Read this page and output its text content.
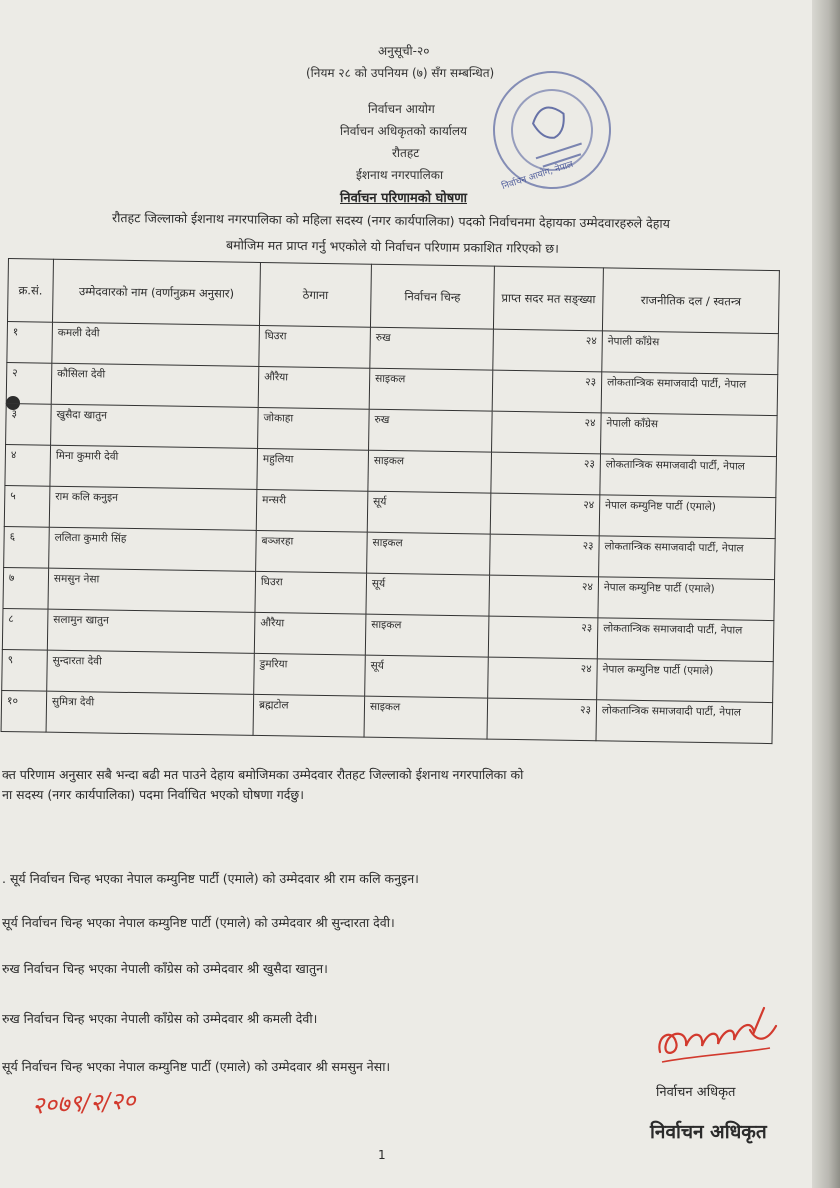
अनुसूची-२०
(नियम २८ को उपनियम (७) सँग सम्बन्धित)
निर्वाचन आयोग
निर्वाचन अधिकृतको कार्यालय
रौतहट
ईशनाथ नगरपालिका
निर्वाचन परिणामको घोषणा
रौतहट जिल्लाको ईशनाथ नगरपालिका को महिला सदस्य (नगर कार्यपालिका) पदको निर्वाचनमा देहायका उम्मेदवारहरुले देहाय
बमोजिम मत प्राप्त गर्नु भएकोले यो निर्वाचन परिणाम प्रकाशित गरिएको छ।
निर्वाचन आयोग, नेपाल
क्र.सं.	उम्मेदवारको नाम (वर्णानुक्रम अनुसार)	ठेगाना	निर्वाचन चिन्ह	प्राप्त सदर मत सङ्ख्या	राजनीतिक दल / स्वतन्त्र
१	कमली देवी	घिउरा	रुख	२४	नेपाली काँग्रेस
२	कौसिला देवी	औरैया	साइकल	२३	लोकतान्त्रिक समाजवादी पार्टी, नेपाल
३	खुसैदा खातुन	जोकाहा	रुख	२४	नेपाली काँग्रेस
४	मिना कुमारी देवी	महुलिया	साइकल	२३	लोकतान्त्रिक समाजवादी पार्टी, नेपाल
५	राम कलि कनुइन	मन्सरी	सूर्य	२४	नेपाल कम्युनिष्ट पार्टी (एमाले)
६	ललिता कुमारी सिंह	बञ्जरहा	साइकल	२३	लोकतान्त्रिक समाजवादी पार्टी, नेपाल
७	समसुन नेसा	घिउरा	सूर्य	२४	नेपाल कम्युनिष्ट पार्टी (एमाले)
८	सलामुन खातुन	औरैया	साइकल	२३	लोकतान्त्रिक समाजवादी पार्टी, नेपाल
९	सुन्दारता देवी	डुमरिया	सूर्य	२४	नेपाल कम्युनिष्ट पार्टी (एमाले)
१०	सुमित्रा देवी	ब्रह्मटोल	साइकल	२३	लोकतान्त्रिक समाजवादी पार्टी, नेपाल
क्त परिणाम अनुसार सबै भन्दा बढी मत पाउने देहाय बमोजिमका उम्मेदवार रौतहट जिल्लाको ईशनाथ नगरपालिका को
ना सदस्य (नगर कार्यपालिका) पदमा निर्वाचित भएको घोषणा गर्दछु।
. सूर्य निर्वाचन चिन्ह भएका नेपाल कम्युनिष्ट पार्टी (एमाले) को उम्मेदवार श्री राम कलि कनुइन।
सूर्य निर्वाचन चिन्ह भएका नेपाल कम्युनिष्ट पार्टी (एमाले) को उम्मेदवार श्री सुन्दारता देवी।
रुख निर्वाचन चिन्ह भएका नेपाली काँग्रेस को उम्मेदवार श्री खुसैदा खातुन।
रुख निर्वाचन चिन्ह भएका नेपाली काँग्रेस को उम्मेदवार श्री कमली देवी।
सूर्य निर्वाचन चिन्ह भएका नेपाल कम्युनिष्ट पार्टी (एमाले) को उम्मेदवार श्री समसुन नेसा।
२०७९/२/२०	निर्वाचन अधिकृत
निर्वाचन अधिकृत
1
